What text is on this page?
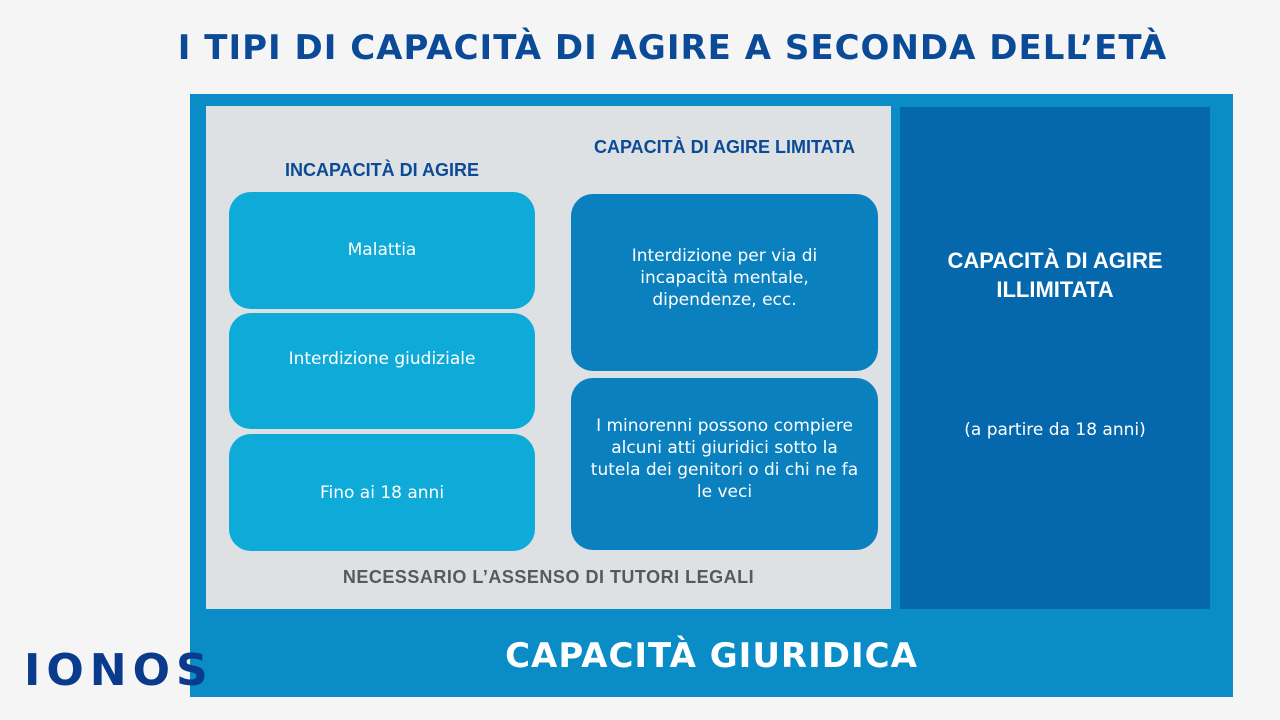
I TIPI DI CAPACITÀ DI AGIRE A SECONDA DELL’ETÀ
INCAPACITÀ DI AGIRE
CAPACITÀ DI AGIRE LIMITATA
Malattia
Interdizione giudiziale
Fino ai 18 anni
Interdizione per via di incapacità mentale, dipendenze, ecc.
I minorenni possono compiere alcuni atti giuridici sotto la tutela dei genitori o di chi ne fa le veci
NECESSARIO L’ASSENSO DI TUTORI LEGALI
CAPACITÀ DI AGIRE ILLIMITATA
(a partire da 18 anni)
CAPACITÀ GIURIDICA
IONOS
